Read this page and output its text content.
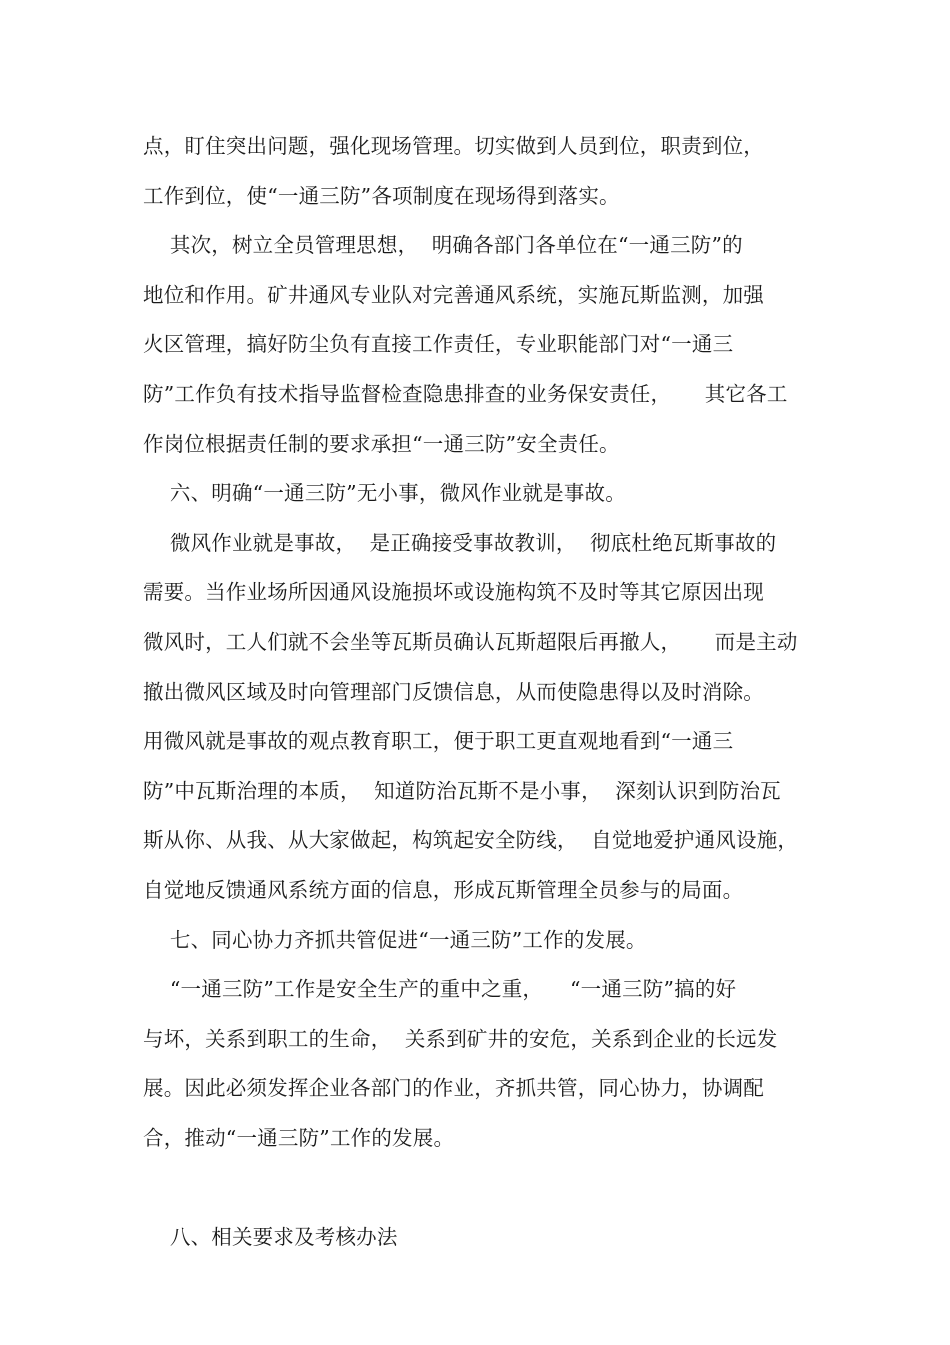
点，盯住突出问题，强化现场管理。切实做到人员到位，职责到位，
工作到位，使“一通三防”各项制度在现场得到落实。
其次，树立全员管理思想，  明确各部门各单位在“一通三防”的
地位和作用。矿井通风专业队对完善通风系统，实施瓦斯监测，加强
火区管理，搞好防尘负有直接工作责任，专业职能部门对“一通三
防”工作负有技术指导监督检查隐患排查的业务保安责任，     其它各工
作岗位根据责任制的要求承担“一通三防”安全责任。
六、明确“一通三防”无小事，微风作业就是事故。
微风作业就是事故，  是正确接受事故教训，  彻底杜绝瓦斯事故的
需要。当作业场所因通风设施损坏或设施构筑不及时等其它原因出现
微风时，工人们就不会坐等瓦斯员确认瓦斯超限后再撤人，     而是主动
撤出微风区域及时向管理部门反馈信息，从而使隐患得以及时消除。
用微风就是事故的观点教育职工，便于职工更直观地看到“一通三
防”中瓦斯治理的本质，  知道防治瓦斯不是小事，  深刻认识到防治瓦
斯从你、从我、从大家做起，构筑起安全防线，  自觉地爱护通风设施，
自觉地反馈通风系统方面的信息，形成瓦斯管理全员参与的局面。
七、同心协力齐抓共管促进“一通三防”工作的发展。
“一通三防”工作是安全生产的重中之重，    “一通三防”搞的好
与坏，关系到职工的生命，  关系到矿井的安危，关系到企业的长远发
展。因此必须发挥企业各部门的作业，齐抓共管，同心协力，协调配
合，推动“一通三防”工作的发展。
八、相关要求及考核办法
